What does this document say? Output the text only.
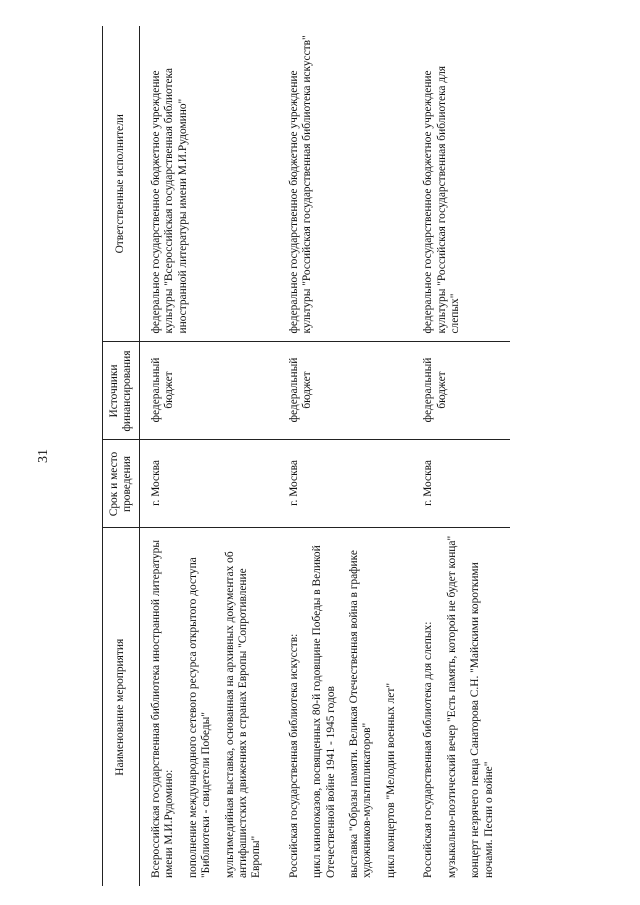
31
Наименование мероприятия	Срок и место проведения	Источники финансирования	Ответственные исполнители

Всероссийская государственная библиотека иностранной литературы имени М.И.Рудомино: пополнение международного сетевого ресурса открытого доступа "Библиотеки - свидетели Победы" мультимедийная выставка, основанная на архивных документах об антифашистских движениях в странах Европы "Сопротивление Европы"	г. Москва	федеральный бюджет	федеральное государственное бюджетное учреждение культуры "Всероссийская государственная библиотека иностранной литературы имени М.И.Рудомино"

Российская государственная библиотека искусств: цикл кинопоказов, посвященных 80-й годовщине Победы в Великой Отечественной войне 1941 - 1945 годов выставка "Образы памяти. Великая Отечественная война в графике художников-мультипликаторов" цикл концертов "Мелодии военных лет"	г. Москва	федеральный бюджет	федеральное государственное бюджетное учреждение культуры "Российская государственная библиотека искусств"

Российская государственная библиотека для слепых: музыкально-поэтический вечер "Есть память, которой не будет конца" концерт незрячего певца Санаторова С.Н. "Майскими короткими ночами. Песни о войне"	г. Москва	федеральный бюджет	федеральное государственное бюджетное учреждение культуры "Российская государственная библиотека для слепых"
